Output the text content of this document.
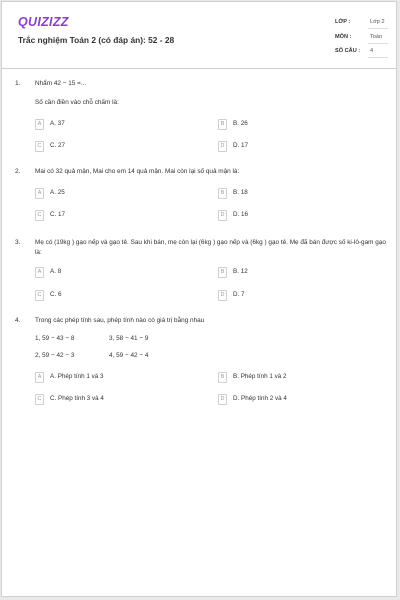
QUIZIZZ
Trắc nghiệm Toán 2 (có đáp án): 52 - 28
LỚP :	Lớp 2
MÔN :	Toán
SỐ CÂU : 4
1. Nhẩm 42 − 15 =...
Số cần điền vào chỗ chấm là:
A	A. 37	B	B. 26
C	C. 27	D	D. 17
2. Mai có 32 quả mận, Mai cho em 14 quả mận. Mai còn lại số quả mận là:
A	A. 25	B	B. 18
C	C. 17	D	D. 16
3. Mẹ có (19kg ) gạo nếp và gạo tẻ. Sau khi bán, mẹ còn lại (6kg ) gạo nếp và (6kg ) gạo tẻ. Mẹ đã bán được số ki-lô-gam gạo là:
A	A. 8	B	B. 12
C	C. 6	D	D. 7
4. Trong các phép tính sau, phép tính nào có giá trị bằng nhau
1, 59 − 43 − 8	3, 58 − 41 − 9
2, 59 − 42 − 3	4, 59 − 42 − 4
A	A. Phép tính 1 và 3	B	B. Phép tính 1 và 2
C	C. Phép tính 3 và 4	D	D. Phép tính 2 và 4
